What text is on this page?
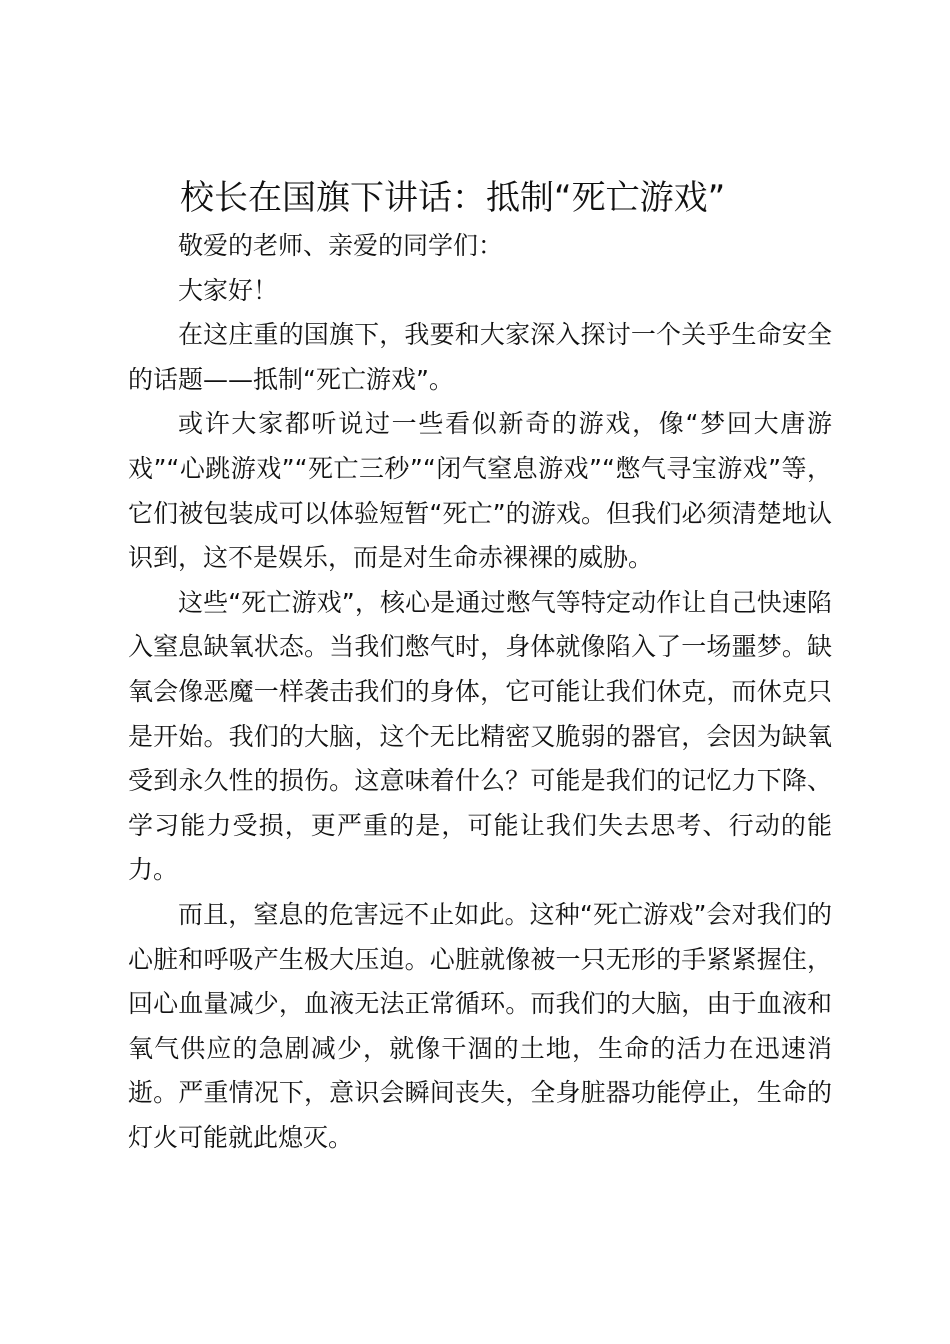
校长在国旗下讲话：抵制“死亡游戏”

敬爱的老师、亲爱的同学们：

大家好！

在这庄重的国旗下，我要和大家深入探讨一个关乎生命安全的话题——抵制“死亡游戏”。

或许大家都听说过一些看似新奇的游戏，像“梦回大唐游戏”“心跳游戏”“死亡三秒”“闭气窒息游戏”“憋气寻宝游戏”等，它们被包装成可以体验短暂“死亡”的游戏。但我们必须清楚地认识到，这不是娱乐，而是对生命赤裸裸的威胁。

这些“死亡游戏”，核心是通过憋气等特定动作让自己快速陷入窒息缺氧状态。当我们憋气时，身体就像陷入了一场噩梦。缺氧会像恶魔一样袭击我们的身体，它可能让我们休克，而休克只是开始。我们的大脑，这个无比精密又脆弱的器官，会因为缺氧受到永久性的损伤。这意味着什么？可能是我们的记忆力下降、学习能力受损，更严重的是，可能让我们失去思考、行动的能力。

而且，窒息的危害远不止如此。这种“死亡游戏”会对我们的心脏和呼吸产生极大压迫。心脏就像被一只无形的手紧紧握住，回心血量减少，血液无法正常循环。而我们的大脑，由于血液和氧气供应的急剧减少，就像干涸的土地，生命的活力在迅速消逝。严重情况下，意识会瞬间丧失，全身脏器功能停止，生命的灯火可能就此熄灭。
